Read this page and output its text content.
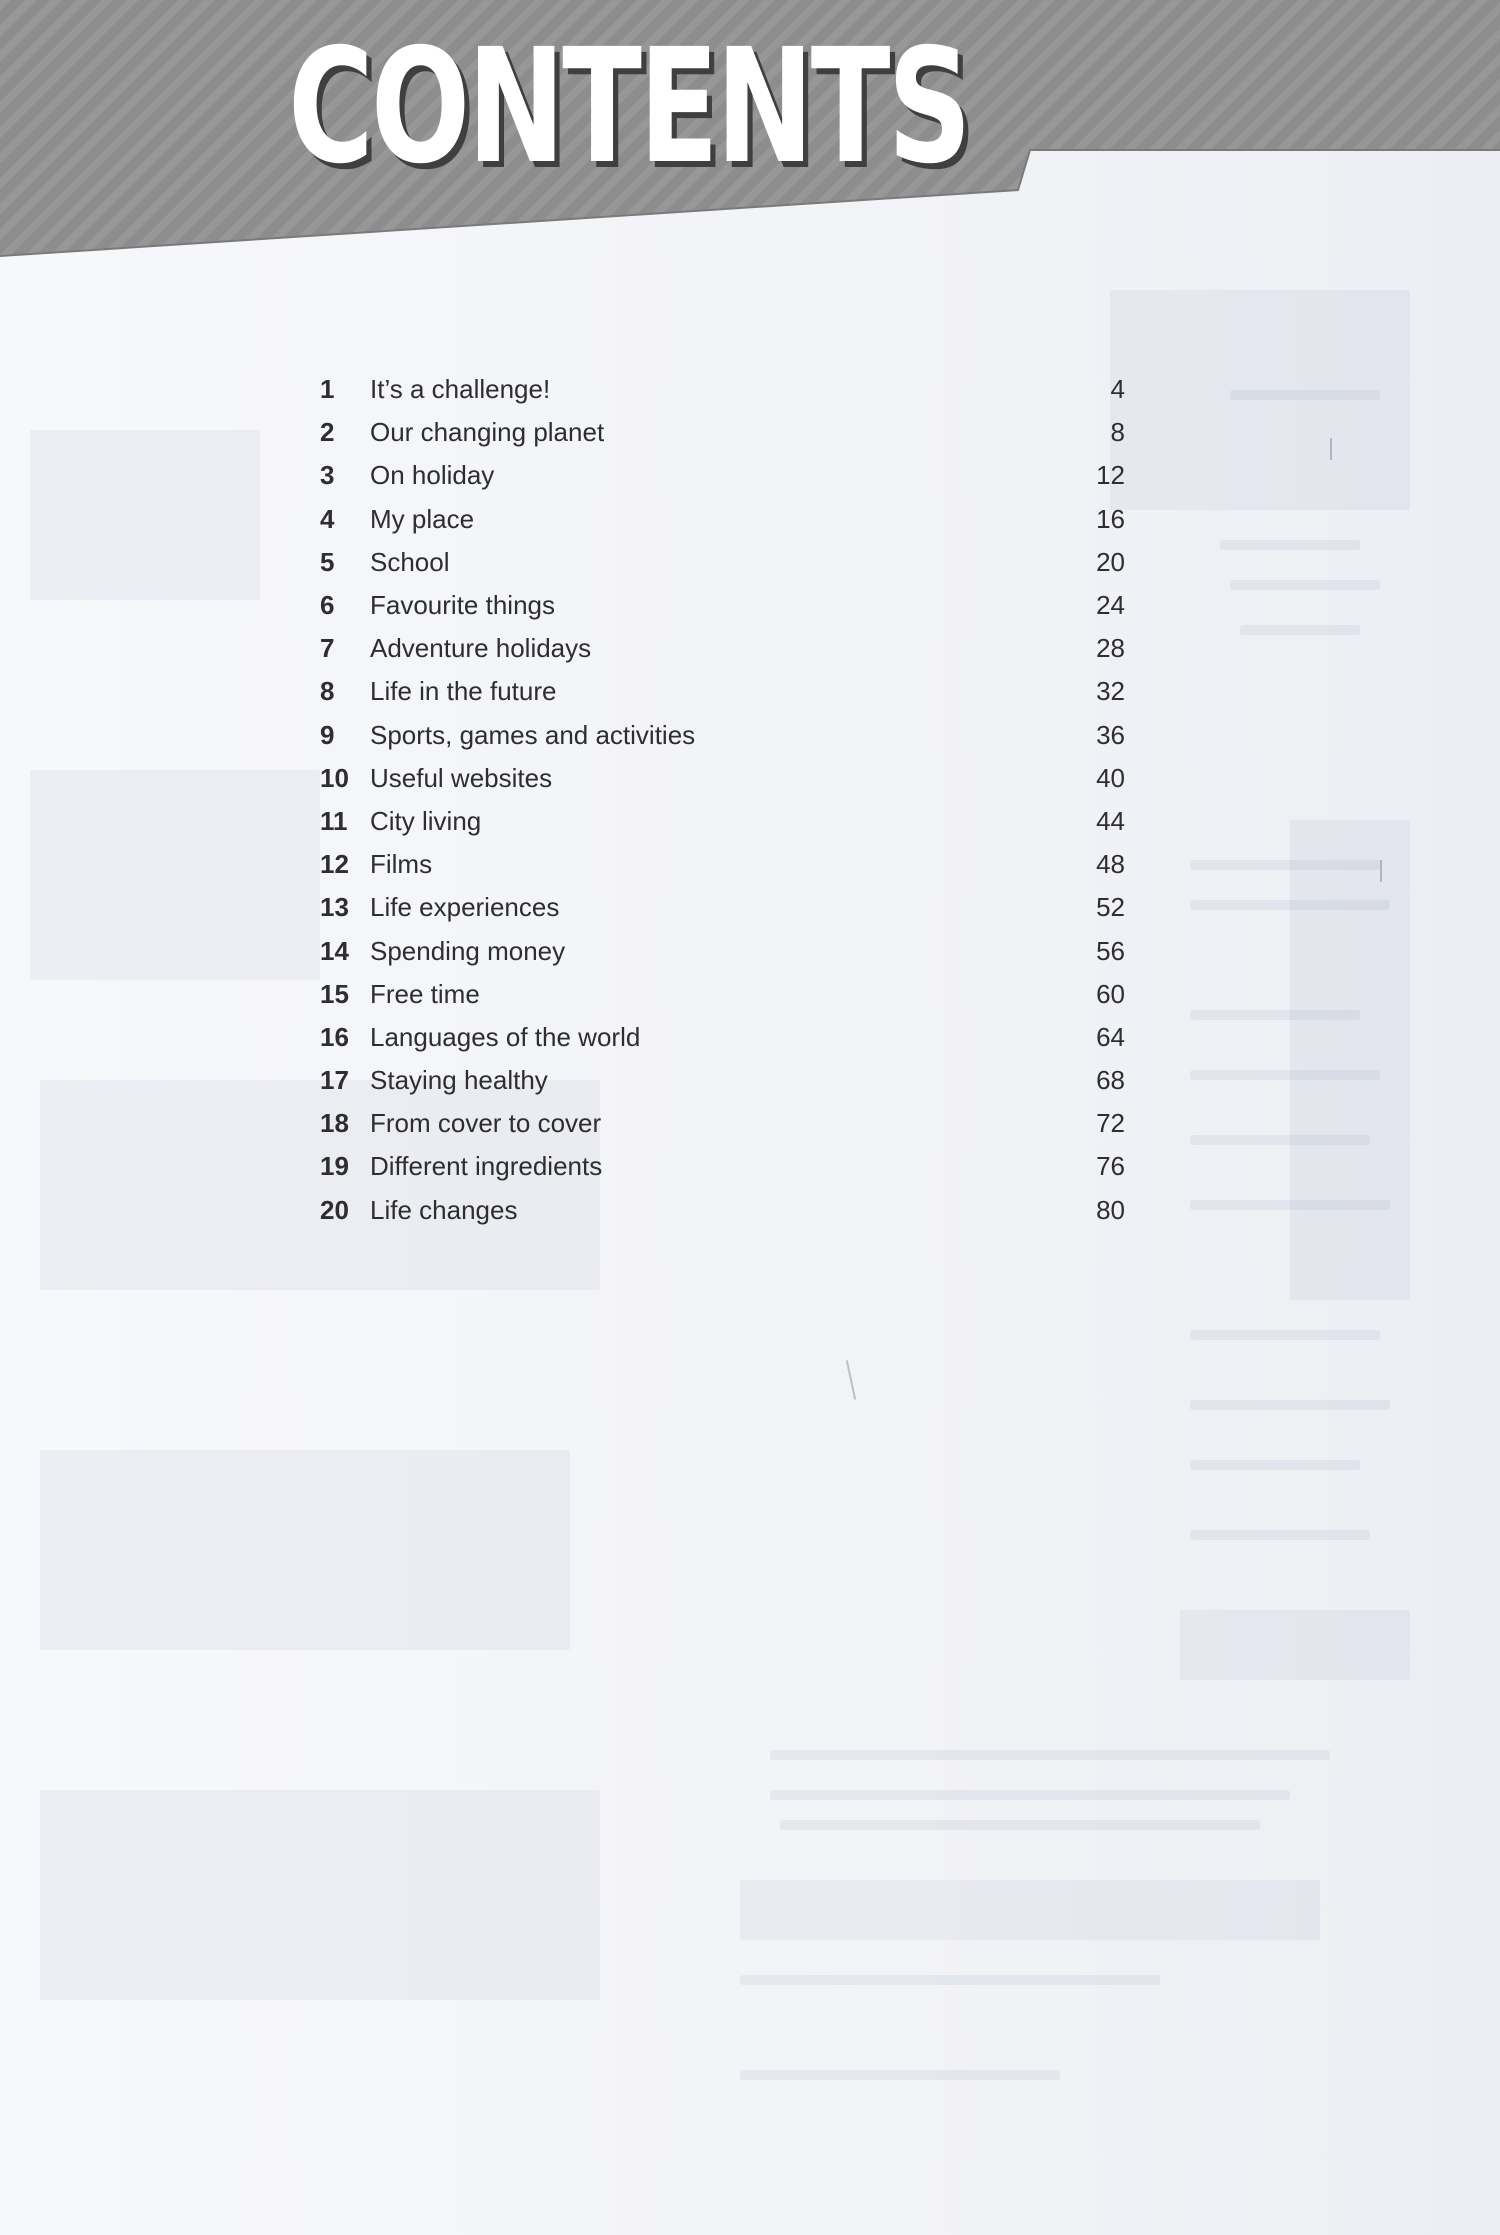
CONTENTS
1	It’s a challenge!	4
2	Our changing planet	8
3	On holiday	12
4	My place	16
5	School	20
6	Favourite things	24
7	Adventure holidays	28
8	Life in the future	32
9	Sports, games and activities	36
10 Useful websites	40
11 City living	44
12 Films	48
13 Life experiences	52
14 Spending money	56
15 Free time	60
16 Languages of the world	64
17 Staying healthy	68
18 From cover to cover	72
19 Different ingredients	76
20 Life changes	80
